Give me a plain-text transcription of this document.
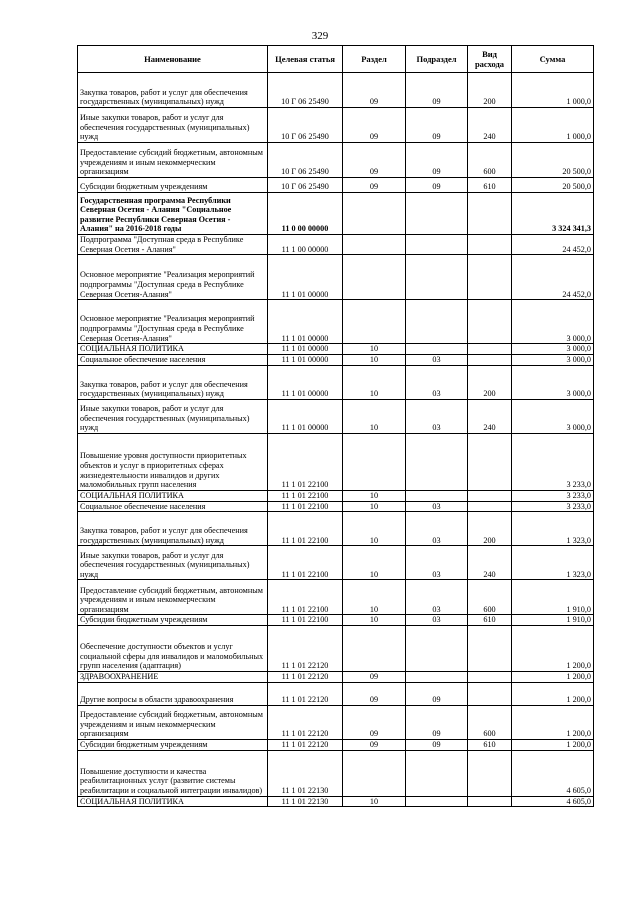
329
Наименование	Целевая статья	Раздел	Подраздел	Вид расхода	Сумма
Закупка товаров, работ и услуг для обеспечения государственных (муниципальных) нужд	10 Г 06 25490	09	09	200	1 000,0
Иные закупки товаров, работ и услуг для обеспечения государственных (муниципальных) нужд	10 Г 06 25490	09	09	240	1 000,0
Предоставление субсидий бюджетным, автономным учреждениям и иным некоммерческим организациям	10 Г 06 25490	09	09	600	20 500,0
Субсидии бюджетным учреждениям	10 Г 06 25490	09	09	610	20 500,0
Государственная программа Республики Северная Осетия - Алания "Социальное развитие Республики Северная Осетия - Алания" на 2016-2018 годы	11 0 00 00000				3 324 341,3
Подпрограмма "Доступная среда в Республике Северная Осетия - Алания"	11 1 00 00000				24 452,0
Основное мероприятие "Реализация мероприятий подпрограммы "Доступная среда в Республике Северная Осетия-Алания"	11 1 01 00000				24 452,0
Основное мероприятие "Реализация мероприятий подпрограммы "Доступная среда в Республике Северная Осетия-Алания"	11 1 01 00000				3 000,0
СОЦИАЛЬНАЯ ПОЛИТИКА	11 1 01 00000	10			3 000,0
Социальное обеспечение населения	11 1 01 00000	10	03		3 000,0
Закупка товаров, работ и услуг для обеспечения государственных (муниципальных) нужд	11 1 01 00000	10	03	200	3 000,0
Иные закупки товаров, работ и услуг для обеспечения государственных (муниципальных) нужд	11 1 01 00000	10	03	240	3 000,0
Повышение уровня доступности приоритетных объектов и услуг в приоритетных сферах жизнедеятельности инвалидов и других маломобильных групп населения	11 1 01 22100				3 233,0
СОЦИАЛЬНАЯ ПОЛИТИКА	11 1 01 22100	10			3 233,0
Социальное обеспечение населения	11 1 01 22100	10	03		3 233,0
Закупка товаров, работ и услуг для обеспечения государственных (муниципальных) нужд	11 1 01 22100	10	03	200	1 323,0
Иные закупки товаров, работ и услуг для обеспечения государственных (муниципальных) нужд	11 1 01 22100	10	03	240	1 323,0
Предоставление субсидий бюджетным, автономным учреждениям и иным некоммерческим организациям	11 1 01 22100	10	03	600	1 910,0
Субсидии бюджетным учреждениям	11 1 01 22100	10	03	610	1 910,0
Обеспечение доступности объектов и услуг социальной сферы для инвалидов и маломобильных групп населения (адаптация)	11 1 01 22120				1 200,0
ЗДРАВООХРАНЕНИЕ	11 1 01 22120	09			1 200,0
Другие вопросы в области здравоохранения	11 1 01 22120	09	09		1 200,0
Предоставление субсидий бюджетным, автономным учреждениям и иным некоммерческим организациям	11 1 01 22120	09	09	600	1 200,0
Субсидии бюджетным учреждениям	11 1 01 22120	09	09	610	1 200,0
Повышение доступности и качества реабилитационных услуг (развитие системы реабилитации и социальной интеграции инвалидов)	11 1 01 22130				4 605,0
СОЦИАЛЬНАЯ ПОЛИТИКА	11 1 01 22130	10			4 605,0
